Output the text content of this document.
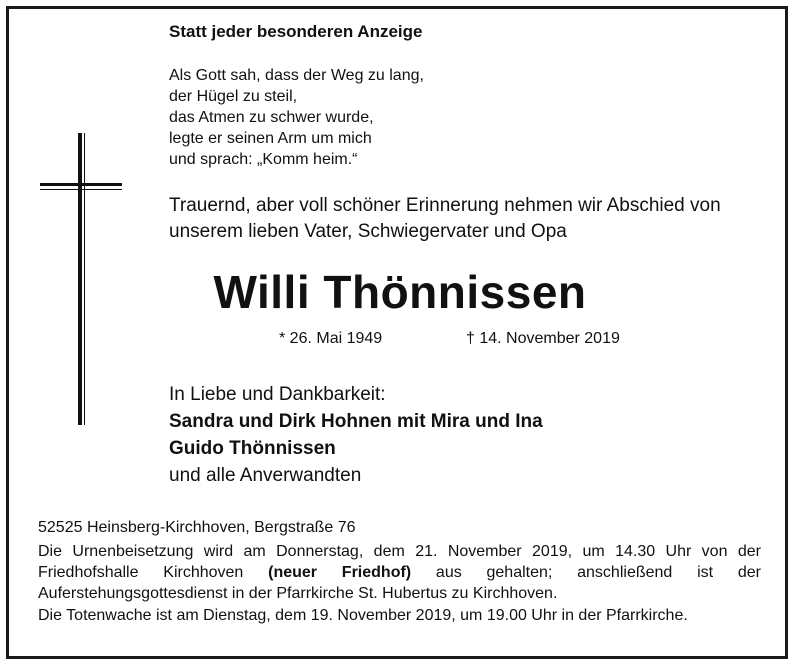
Statt jeder besonderen Anzeige
Als Gott sah, dass der Weg zu lang,
der Hügel zu steil,
das Atmen zu schwer wurde,
legte er seinen Arm um mich
und sprach: „Komm heim.“
Trauernd, aber voll schöner Erinnerung nehmen wir Abschied von
unserem lieben Vater, Schwiegervater und Opa
Willi Thönnissen
* 26. Mai 1949	† 14. November 2019
In Liebe und Dankbarkeit:
Sandra und Dirk Hohnen mit Mira und Ina
Guido Thönnissen
und alle Anverwandten
52525 Heinsberg-Kirchhoven, Bergstraße 76
Die Urnenbeisetzung wird am Donnerstag, dem 21. November 2019, um 14.30 Uhr von der Friedhofshalle Kirchhoven (neuer Friedhof) aus gehalten; anschließend ist der Auferstehungsgottesdienst in der Pfarrkirche St. Hubertus zu Kirchhoven.
Die Totenwache ist am Dienstag, dem 19. November 2019, um 19.00 Uhr in der Pfarrkirche.
